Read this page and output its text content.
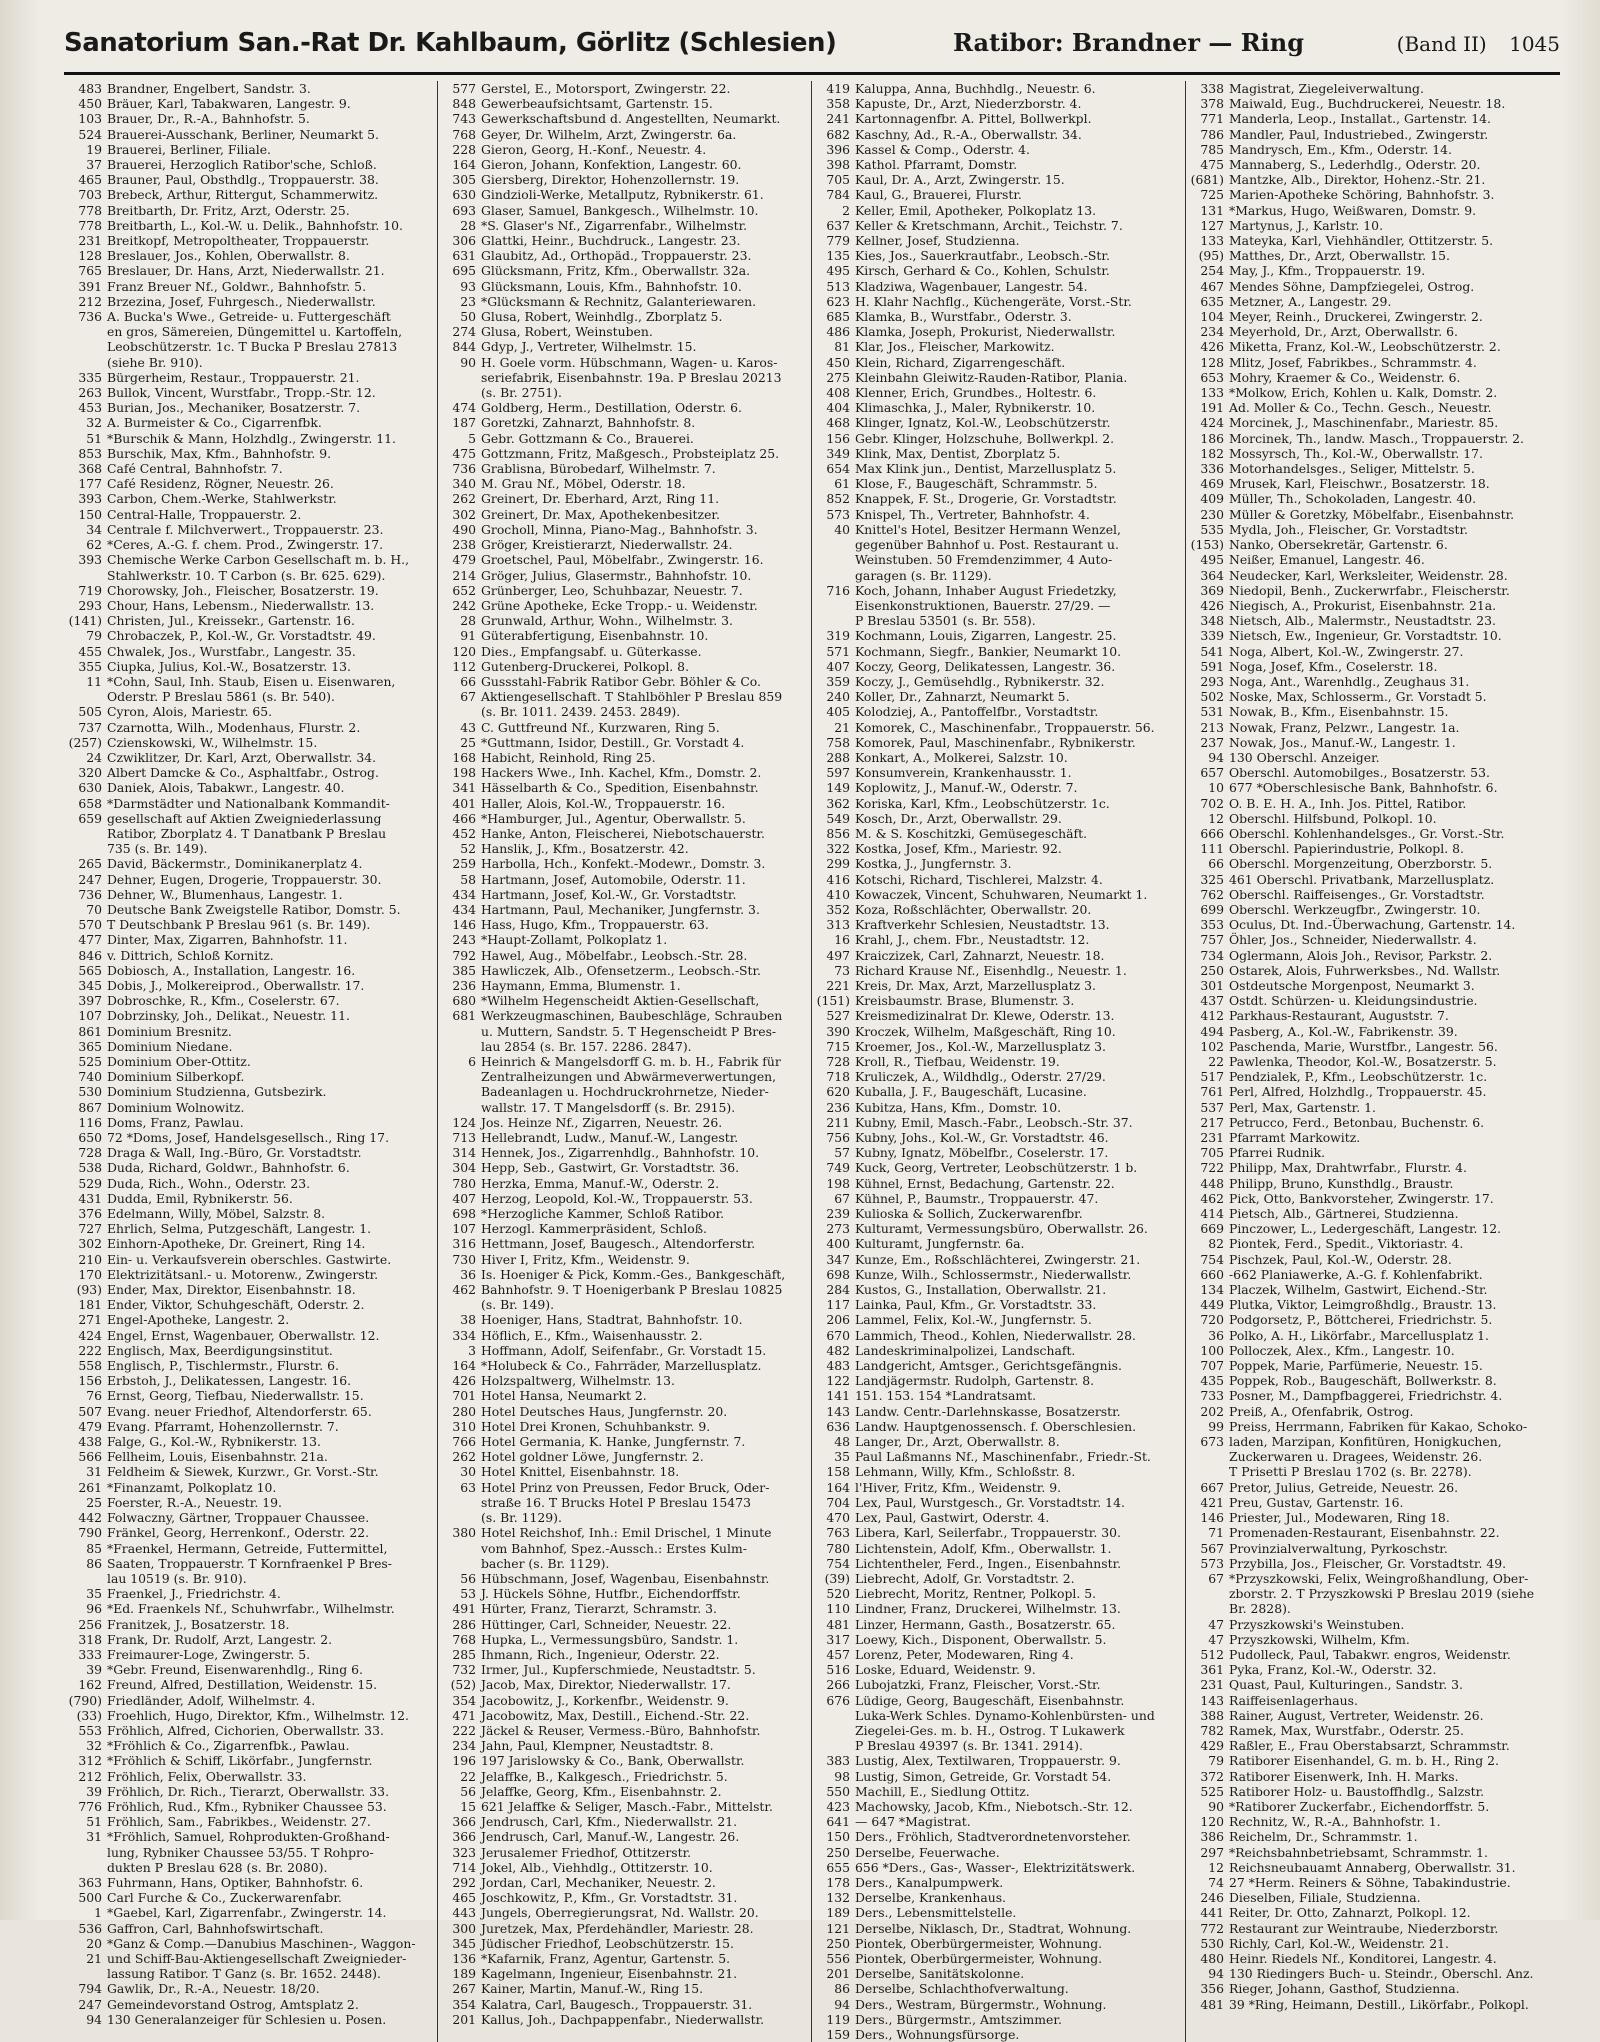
Sanatorium San.-Rat Dr. Kahlbaum, Görlitz (Schlesien)	Ratibor: Brandner — Ring	(Band II) 1045
483 Brandner, Engelbert, Sandstr. 3.
450 Bräuer, Karl, Tabakwaren, Langestr. 9.
103 Brauer, Dr., R.-A., Bahnhofstr. 5.
524 Brauerei-Ausschank, Berliner, Neumarkt 5.
19 Brauerei, Berliner, Filiale.
37 Brauerei, Herzoglich Ratibor'sche, Schloß.
465 Brauner, Paul, Obsthdlg., Troppauerstr. 38.
703 Brebeck, Arthur, Rittergut, Schammerwitz.
778 Breitbarth, Dr. Fritz, Arzt, Oderstr. 25.
778 Breitbarth, L., Kol.-W. u. Delik., Bahnhofstr. 10.
231 Breitkopf, Metropoltheater, Troppauerstr.
128 Breslauer, Jos., Kohlen, Oberwallstr. 8.
765 Breslauer, Dr. Hans, Arzt, Niederwallstr. 21.
391 Franz Breuer Nf., Goldwr., Bahnhofstr. 5.
212 Brzezina, Josef, Fuhrgesch., Niederwallstr.
736 A. Bucka's Wwe., Getreide- u. Futtergeschäft
en gros, Sämereien, Düngemittel u. Kartoffeln,
Leobschützerstr. 1c. T Bucka P Breslau 27813
(siehe Br. 910).
335 Bürgerheim, Restaur., Troppauerstr. 21.
263 Bullok, Vincent, Wurstfabr., Tropp.-Str. 12.
453 Burian, Jos., Mechaniker, Bosatzerstr. 7.
32 A. Burmeister & Co., Cigarrenfbk.
51 *Burschik & Mann, Holzhdlg., Zwingerstr. 11.
853 Burschik, Max, Kfm., Bahnhofstr. 9.
368 Café Central, Bahnhofstr. 7.
177 Café Residenz, Rögner, Neuestr. 26.
393 Carbon, Chem.-Werke, Stahlwerkstr.
150 Central-Halle, Troppauerstr. 2.
34 Centrale f. Milchverwert., Troppauerstr. 23.
62 *Ceres, A.-G. f. chem. Prod., Zwingerstr. 17.
393 Chemische Werke Carbon Gesellschaft m. b. H.,
Stahlwerkstr. 10. T Carbon (s. Br. 625. 629).
719 Chorowsky, Joh., Fleischer, Bosatzerstr. 19.
293 Chour, Hans, Lebensm., Niederwallstr. 13.
(141) Christen, Jul., Kreissekr., Gartenstr. 16.
79 Chrobaczek, P., Kol.-W., Gr. Vorstadtstr. 49.
455 Chwalek, Jos., Wurstfabr., Langestr. 35.
355 Ciupka, Julius, Kol.-W., Bosatzerstr. 13.
11 *Cohn, Saul, Inh. Staub, Eisen u. Eisenwaren,
Oderstr. P Breslau 5861 (s. Br. 540).
505 Cyron, Alois, Mariestr. 65.
737 Czarnotta, Wilh., Modenhaus, Flurstr. 2.
(257) Czienskowski, W., Wilhelmstr. 15.
24 Czwiklitzer, Dr. Karl, Arzt, Oberwallstr. 34.
320 Albert Damcke & Co., Asphaltfabr., Ostrog.
630 Daniek, Alois, Tabakwr., Langestr. 40.
658 *Darmstädter und Nationalbank Kommandit-
659 gesellschaft auf Aktien Zweigniederlassung
Ratibor, Zborplatz 4. T Danatbank P Breslau
735 (s. Br. 149).
265 David, Bäckermstr., Dominikanerplatz 4.
247 Dehner, Eugen, Drogerie, Troppauerstr. 30.
736 Dehner, W., Blumenhaus, Langestr. 1.
70 Deutsche Bank Zweigstelle Ratibor, Domstr. 5.
570 T Deutschbank P Breslau 961 (s. Br. 149).
477 Dinter, Max, Zigarren, Bahnhofstr. 11.
846 v. Dittrich, Schloß Kornitz.
565 Dobiosch, A., Installation, Langestr. 16.
345 Dobis, J., Molkereiprod., Oberwallstr. 17.
397 Dobroschke, R., Kfm., Coselerstr. 67.
107 Dobrzinsky, Joh., Delikat., Neuestr. 11.
861 Dominium Bresnitz.
365 Dominium Niedane.
525 Dominium Ober-Ottitz.
740 Dominium Silberkopf.
530 Dominium Studzienna, Gutsbezirk.
867 Dominium Wolnowitz.
116 Doms, Franz, Pawlau.
650 72 *Doms, Josef, Handelsgesellsch., Ring 17.
728 Draga & Wall, Ing.-Büro, Gr. Vorstadtstr.
538 Duda, Richard, Goldwr., Bahnhofstr. 6.
529 Duda, Rich., Wohn., Oderstr. 23.
431 Dudda, Emil, Rybnikerstr. 56.
376 Edelmann, Willy, Möbel, Salzstr. 8.
727 Ehrlich, Selma, Putzgeschäft, Langestr. 1.
302 Einhorn-Apotheke, Dr. Greinert, Ring 14.
210 Ein- u. Verkaufsverein oberschles. Gastwirte.
170 Elektrizitätsanl.- u. Motorenw., Zwingerstr.
(93) Ender, Max, Direktor, Eisenbahnstr. 18.
181 Ender, Viktor, Schuhgeschäft, Oderstr. 2.
271 Engel-Apotheke, Langestr. 2.
424 Engel, Ernst, Wagenbauer, Oberwallstr. 12.
222 Englisch, Max, Beerdigungsinstitut.
558 Englisch, P., Tischlermstr., Flurstr. 6.
156 Erbstoh, J., Delikatessen, Langestr. 16.
76 Ernst, Georg, Tiefbau, Niederwallstr. 15.
507 Evang. neuer Friedhof, Altendorferstr. 65.
479 Evang. Pfarramt, Hohenzollernstr. 7.
438 Falge, G., Kol.-W., Rybnikerstr. 13.
566 Fellheim, Louis, Eisenbahnstr. 21a.
31 Feldheim & Siewek, Kurzwr., Gr. Vorst.-Str.
261 *Finanzamt, Polkoplatz 10.
25 Foerster, R.-A., Neuestr. 19.
442 Folwaczny, Gärtner, Troppauer Chaussee.
790 Fränkel, Georg, Herrenkonf., Oderstr. 22.
85 *Fraenkel, Hermann, Getreide, Futtermittel,
86 Saaten, Troppauerstr. T Kornfraenkel P Bres-
lau 10519 (s. Br. 910).
35 Fraenkel, J., Friedrichstr. 4.
96 *Ed. Fraenkels Nf., Schuhwrfabr., Wilhelmstr.
256 Franitzek, J., Bosatzerstr. 18.
318 Frank, Dr. Rudolf, Arzt, Langestr. 2.
333 Freimaurer-Loge, Zwingerstr. 5.
39 *Gebr. Freund, Eisenwarenhdlg., Ring 6.
162 Freund, Alfred, Destillation, Weidenstr. 15.
(790) Friedländer, Adolf, Wilhelmstr. 4.
(33) Froehlich, Hugo, Direktor, Kfm., Wilhelmstr. 12.
553 Fröhlich, Alfred, Cichorien, Oberwallstr. 33.
32 *Fröhlich & Co., Zigarrenfbk., Pawlau.
312 *Fröhlich & Schiff, Likörfabr., Jungfernstr.
212 Fröhlich, Felix, Oberwallstr. 33.
39 Fröhlich, Dr. Rich., Tierarzt, Oberwallstr. 33.
776 Fröhlich, Rud., Kfm., Rybniker Chaussee 53.
51 Fröhlich, Sam., Fabrikbes., Weidenstr. 27.
31 *Fröhlich, Samuel, Rohprodukten-Großhand-
lung, Rybniker Chaussee 53/55. T Rohpro-
dukten P Breslau 628 (s. Br. 2080).
363 Fuhrmann, Hans, Optiker, Bahnhofstr. 6.
500 Carl Furche & Co., Zuckerwarenfabr.
1 *Gaebel, Karl, Zigarrenfabr., Zwingerstr. 14.
536 Gaffron, Carl, Bahnhofswirtschaft.
20 *Ganz & Comp.—Danubius Maschinen-, Waggon-
21 und Schiff-Bau-Aktiengesellschaft Zweignieder-
lassung Ratibor. T Ganz (s. Br. 1652. 2448).
794 Gawlik, Dr., R.-A., Neuestr. 18/20.
247 Gemeindevorstand Ostrog, Amtsplatz 2.
94 130 Generalanzeiger für Schlesien u. Posen.
577 Gerstel, E., Motorsport, Zwingerstr. 22.
848 Gewerbeaufsichtsamt, Gartenstr. 15.
743 Gewerkschaftsbund d. Angestellten, Neumarkt.
768 Geyer, Dr. Wilhelm, Arzt, Zwingerstr. 6a.
228 Gieron, Georg, H.-Konf., Neuestr. 4.
164 Gieron, Johann, Konfektion, Langestr. 60.
305 Giersberg, Direktor, Hohenzollernstr. 19.
630 Gindzioli-Werke, Metallputz, Rybnikerstr. 61.
693 Glaser, Samuel, Bankgesch., Wilhelmstr. 10.
28 *S. Glaser's Nf., Zigarrenfabr., Wilhelmstr.
306 Glattki, Heinr., Buchdruck., Langestr. 23.
631 Glaubitz, Ad., Orthopäd., Troppauerstr. 23.
695 Glücksmann, Fritz, Kfm., Oberwallstr. 32a.
93 Glücksmann, Louis, Kfm., Bahnhofstr. 10.
23 *Glücksmann & Rechnitz, Galanteriewaren.
50 Glusa, Robert, Weinhdlg., Zborplatz 5.
274 Glusa, Robert, Weinstuben.
844 Gdyp, J., Vertreter, Wilhelmstr. 15.
90 H. Goele vorm. Hübschmann, Wagen- u. Karos-
seriefabrik, Eisenbahnstr. 19a. P Breslau 20213
(s. Br. 2751).
474 Goldberg, Herm., Destillation, Oderstr. 6.
187 Goretzki, Zahnarzt, Bahnhofstr. 8.
5 Gebr. Gottzmann & Co., Brauerei.
475 Gottzmann, Fritz, Maßgesch., Probsteiplatz 25.
736 Grablisna, Bürobedarf, Wilhelmstr. 7.
340 M. Grau Nf., Möbel, Oderstr. 18.
262 Greinert, Dr. Eberhard, Arzt, Ring 11.
302 Greinert, Dr. Max, Apothekenbesitzer.
490 Grocholl, Minna, Piano-Mag., Bahnhofstr. 3.
238 Gröger, Kreistierarzt, Niederwallstr. 24.
479 Groetschel, Paul, Möbelfabr., Zwingerstr. 16.
214 Gröger, Julius, Glasermstr., Bahnhofstr. 10.
652 Grünberger, Leo, Schuhbazar, Neuestr. 7.
242 Grüne Apotheke, Ecke Tropp.- u. Weidenstr.
28 Grunwald, Arthur, Wohn., Wilhelmstr. 3.
91 Güterabfertigung, Eisenbahnstr. 10.
120 Dies., Empfangsabf. u. Güterkasse.
112 Gutenberg-Druckerei, Polkopl. 8.
66 Gussstahl-Fabrik Ratibor Gebr. Böhler & Co.
67 Aktiengesellschaft. T Stahlböhler P Breslau 859
(s. Br. 1011. 2439. 2453. 2849).
43 C. Guttfreund Nf., Kurzwaren, Ring 5.
25 *Guttmann, Isidor, Destill., Gr. Vorstadt 4.
168 Habicht, Reinhold, Ring 25.
198 Hackers Wwe., Inh. Kachel, Kfm., Domstr. 2.
341 Hässelbarth & Co., Spedition, Eisenbahnstr.
401 Haller, Alois, Kol.-W., Troppauerstr. 16.
466 *Hamburger, Jul., Agentur, Oberwallstr. 5.
452 Hanke, Anton, Fleischerei, Niebotschauerstr.
52 Hanslik, J., Kfm., Bosatzerstr. 42.
259 Harbolla, Hch., Konfekt.-Modewr., Domstr. 3.
58 Hartmann, Josef, Automobile, Oderstr. 11.
434 Hartmann, Josef, Kol.-W., Gr. Vorstadtstr.
434 Hartmann, Paul, Mechaniker, Jungfernstr. 3.
146 Hass, Hugo, Kfm., Troppauerstr. 63.
243 *Haupt-Zollamt, Polkoplatz 1.
792 Hawel, Aug., Möbelfabr., Leobsch.-Str. 28.
385 Hawliczek, Alb., Ofensetzerm., Leobsch.-Str.
236 Haymann, Emma, Blumenstr. 1.
680 *Wilhelm Hegenscheidt Aktien-Gesellschaft,
681 Werkzeugmaschinen, Baubeschläge, Schrauben
u. Muttern, Sandstr. 5. T Hegenscheidt P Bres-
lau 2854 (s. Br. 157. 2286. 2847).
6 Heinrich & Mangelsdorff G. m. b. H., Fabrik für
Zentralheizungen und Abwärmeverwertungen,
Badeanlagen u. Hochdruckrohrnetze, Nieder-
wallstr. 17. T Mangelsdorff (s. Br. 2915).
124 Jos. Heinze Nf., Zigarren, Neuestr. 26.
713 Hellebrandt, Ludw., Manuf.-W., Langestr.
314 Hennek, Jos., Zigarrenhdlg., Bahnhofstr. 10.
304 Hepp, Seb., Gastwirt, Gr. Vorstadtstr. 36.
780 Herzka, Emma, Manuf.-W., Oderstr. 2.
407 Herzog, Leopold, Kol.-W., Troppauerstr. 53.
698 *Herzogliche Kammer, Schloß Ratibor.
107 Herzogl. Kammerpräsident, Schloß.
316 Hettmann, Josef, Baugesch., Altendorferstr.
730 Hiver I, Fritz, Kfm., Weidenstr. 9.
36 Is. Hoeniger & Pick, Komm.-Ges., Bankgeschäft,
462 Bahnhofstr. 9. T Hoenigerbank P Breslau 10825
(s. Br. 149).
38 Hoeniger, Hans, Stadtrat, Bahnhofstr. 10.
334 Höflich, E., Kfm., Waisenhausstr. 2.
3 Hoffmann, Adolf, Seifenfabr., Gr. Vorstadt 15.
164 *Holubeck & Co., Fahrräder, Marzellusplatz.
426 Holzspaltwerg, Wilhelmstr. 13.
701 Hotel Hansa, Neumarkt 2.
280 Hotel Deutsches Haus, Jungfernstr. 20.
310 Hotel Drei Kronen, Schuhbankstr. 9.
766 Hotel Germania, K. Hanke, Jungfernstr. 7.
262 Hotel goldner Löwe, Jungfernstr. 2.
30 Hotel Knittel, Eisenbahnstr. 18.
63 Hotel Prinz von Preussen, Fedor Bruck, Oder-
straße 16. T Brucks Hotel P Breslau 15473
(s. Br. 1129).
380 Hotel Reichshof, Inh.: Emil Drischel, 1 Minute
vom Bahnhof, Spez.-Aussch.: Erstes Kulm-
bacher (s. Br. 1129).
56 Hübschmann, Josef, Wagenbau, Eisenbahnstr.
53 J. Hückels Söhne, Hutfbr., Eichendorffstr.
491 Hürter, Franz, Tierarzt, Schramstr. 3.
286 Hüttinger, Carl, Schneider, Neuestr. 22.
768 Hupka, L., Vermessungsbüro, Sandstr. 1.
285 Ihmann, Rich., Ingenieur, Oderstr. 22.
732 Irmer, Jul., Kupferschmiede, Neustadtstr. 5.
(52) Jacob, Max, Direktor, Niederwallstr. 17.
354 Jacobowitz, J., Korkenfbr., Weidenstr. 9.
471 Jacobowitz, Max, Destill., Eichend.-Str. 22.
222 Jäckel & Reuser, Vermess.-Büro, Bahnhofstr.
234 Jahn, Paul, Klempner, Neustadtstr. 8.
196 197 Jarislowsky & Co., Bank, Oberwallstr.
22 Jelaffke, B., Kalkgesch., Friedrichstr. 5.
56 Jelaffke, Georg, Kfm., Eisenbahnstr. 2.
15 621 Jelaffke & Seliger, Masch.-Fabr., Mittelstr.
366 Jendrusch, Carl, Kfm., Niederwallstr. 21.
366 Jendrusch, Carl, Manuf.-W., Langestr. 26.
323 Jerusalemer Friedhof, Ottitzerstr.
714 Jokel, Alb., Viehhdlg., Ottitzerstr. 10.
292 Jordan, Carl, Mechaniker, Neuestr. 2.
465 Joschkowitz, P., Kfm., Gr. Vorstadtstr. 31.
443 Jungels, Oberregierungsrat, Nd. Wallstr. 20.
300 Juretzek, Max, Pferdehändler, Mariestr. 28.
345 Jüdischer Friedhof, Leobschützerstr. 15.
136 *Kafarnik, Franz, Agentur, Gartenstr. 5.
189 Kagelmann, Ingenieur, Eisenbahnstr. 21.
267 Kainer, Martin, Manuf.-W., Ring 15.
354 Kalatra, Carl, Baugesch., Troppauerstr. 31.
201 Kallus, Joh., Dachpappenfabr., Niederwallstr.
419 Kaluppa, Anna, Buchhdlg., Neuestr. 6.
358 Kapuste, Dr., Arzt, Niederzborstr. 4.
241 Kartonnagenfbr. A. Pittel, Bollwerkpl.
682 Kaschny, Ad., R.-A., Oberwallstr. 34.
396 Kassel & Comp., Oderstr. 4.
398 Kathol. Pfarramt, Domstr.
705 Kaul, Dr. A., Arzt, Zwingerstr. 15.
784 Kaul, G., Brauerei, Flurstr.
2 Keller, Emil, Apotheker, Polkoplatz 13.
637 Keller & Kretschmann, Archit., Teichstr. 7.
779 Kellner, Josef, Studzienna.
135 Kies, Jos., Sauerkrautfabr., Leobsch.-Str.
495 Kirsch, Gerhard & Co., Kohlen, Schulstr.
513 Kladziwa, Wagenbauer, Langestr. 54.
623 H. Klahr Nachflg., Küchengeräte, Vorst.-Str.
685 Klamka, B., Wurstfabr., Oderstr. 3.
486 Klamka, Joseph, Prokurist, Niederwallstr.
81 Klar, Jos., Fleischer, Markowitz.
450 Klein, Richard, Zigarrengeschäft.
275 Kleinbahn Gleiwitz-Rauden-Ratibor, Plania.
408 Klenner, Erich, Grundbes., Holtestr. 6.
404 Klimaschka, J., Maler, Rybnikerstr. 10.
468 Klinger, Ignatz, Kol.-W., Leobschützerstr.
156 Gebr. Klinger, Holzschuhe, Bollwerkpl. 2.
349 Klink, Max, Dentist, Zborplatz 5.
654 Max Klink jun., Dentist, Marzellusplatz 5.
61 Klose, F., Baugeschäft, Schrammstr. 5.
852 Knappek, F. St., Drogerie, Gr. Vorstadtstr.
573 Knispel, Th., Vertreter, Bahnhofstr. 4.
40 Knittel's Hotel, Besitzer Hermann Wenzel,
gegenüber Bahnhof u. Post. Restaurant u.
Weinstuben. 50 Fremdenzimmer, 4 Auto-
garagen (s. Br. 1129).
716 Koch, Johann, Inhaber August Friedetzky,
Eisenkonstruktionen, Bauerstr. 27/29. —
P Breslau 53501 (s. Br. 558).
319 Kochmann, Louis, Zigarren, Langestr. 25.
571 Kochmann, Siegfr., Bankier, Neumarkt 10.
407 Koczy, Georg, Delikatessen, Langestr. 36.
359 Koczy, J., Gemüsehdlg., Rybnikerstr. 32.
240 Koller, Dr., Zahnarzt, Neumarkt 5.
405 Kolodziej, A., Pantoffelfbr., Vorstadtstr.
21 Komorek, C., Maschinenfabr., Troppauerstr. 56.
758 Komorek, Paul, Maschinenfabr., Rybnikerstr.
288 Konkart, A., Molkerei, Salzstr. 10.
597 Konsumverein, Krankenhausstr. 1.
149 Koplowitz, J., Manuf.-W., Oderstr. 7.
362 Koriska, Karl, Kfm., Leobschützerstr. 1c.
549 Kosch, Dr., Arzt, Oberwallstr. 29.
856 M. & S. Koschitzki, Gemüsegeschäft.
322 Kostka, Josef, Kfm., Mariestr. 92.
299 Kostka, J., Jungfernstr. 3.
416 Kotschi, Richard, Tischlerei, Malzstr. 4.
410 Kowaczek, Vincent, Schuhwaren, Neumarkt 1.
352 Koza, Roßschlächter, Oberwallstr. 20.
313 Kraftverkehr Schlesien, Neustadtstr. 13.
16 Krahl, J., chem. Fbr., Neustadtstr. 12.
497 Kraiczizek, Carl, Zahnarzt, Neuestr. 18.
73 Richard Krause Nf., Eisenhdlg., Neuestr. 1.
221 Kreis, Dr. Max, Arzt, Marzellusplatz 3.
(151) Kreisbaumstr. Brase, Blumenstr. 3.
527 Kreismedizinalrat Dr. Klewe, Oderstr. 13.
390 Kroczek, Wilhelm, Maßgeschäft, Ring 10.
715 Kroemer, Jos., Kol.-W., Marzellusplatz 3.
728 Kroll, R., Tiefbau, Weidenstr. 19.
718 Kruliczek, A., Wildhdlg., Oderstr. 27/29.
620 Kuballa, J. F., Baugeschäft, Lucasine.
236 Kubitza, Hans, Kfm., Domstr. 10.
211 Kubny, Emil, Masch.-Fabr., Leobsch.-Str. 37.
756 Kubny, Johs., Kol.-W., Gr. Vorstadtstr. 46.
57 Kubny, Ignatz, Möbelfbr., Coselerstr. 17.
749 Kuck, Georg, Vertreter, Leobschützerstr. 1 b.
198 Kühnel, Ernst, Bedachung, Gartenstr. 22.
67 Kühnel, P., Baumstr., Troppauerstr. 47.
239 Kulioska & Sollich, Zuckerwarenfbr.
273 Kulturamt, Vermessungsbüro, Oberwallstr. 26.
400 Kulturamt, Jungfernstr. 6a.
347 Kunze, Em., Roßschlächterei, Zwingerstr. 21.
698 Kunze, Wilh., Schlossermstr., Niederwallstr.
284 Kustos, G., Installation, Oberwallstr. 21.
117 Lainka, Paul, Kfm., Gr. Vorstadtstr. 33.
206 Lammel, Felix, Kol.-W., Jungfernstr. 5.
670 Lammich, Theod., Kohlen, Niederwallstr. 28.
482 Landeskriminalpolizei, Landschaft.
483 Landgericht, Amtsger., Gerichtsgefängnis.
122 Landjägermstr. Rudolph, Gartenstr. 8.
141 151. 153. 154 *Landratsamt.
143 Landw. Centr.-Darlehnskasse, Bosatzerstr.
636 Landw. Hauptgenossensch. f. Oberschlesien.
48 Langer, Dr., Arzt, Oberwallstr. 8.
35 Paul Laßmanns Nf., Maschinenfabr., Friedr.-St.
158 Lehmann, Willy, Kfm., Schloßstr. 8.
164 l'Hiver, Fritz, Kfm., Weidenstr. 9.
704 Lex, Paul, Wurstgesch., Gr. Vorstadtstr. 14.
470 Lex, Paul, Gastwirt, Oderstr. 4.
763 Libera, Karl, Seilerfabr., Troppauerstr. 30.
780 Lichtenstein, Adolf, Kfm., Oberwallstr. 1.
754 Lichtentheler, Ferd., Ingen., Eisenbahnstr.
(39) Liebrecht, Adolf, Gr. Vorstadtstr. 2.
520 Liebrecht, Moritz, Rentner, Polkopl. 5.
110 Lindner, Franz, Druckerei, Wilhelmstr. 13.
481 Linzer, Hermann, Gasth., Bosatzerstr. 65.
317 Loewy, Kich., Disponent, Oberwallstr. 5.
457 Lorenz, Peter, Modewaren, Ring 4.
516 Loske, Eduard, Weidenstr. 9.
266 Lubojatzki, Franz, Fleischer, Vorst.-Str.
676 Lüdige, Georg, Baugeschäft, Eisenbahnstr.
Luka-Werk Schles. Dynamo-Kohlenbürsten- und
Ziegelei-Ges. m. b. H., Ostrog. T Lukawerk
P Breslau 49397 (s. Br. 1341. 2914).
383 Lustig, Alex, Textilwaren, Troppauerstr. 9.
98 Lustig, Simon, Getreide, Gr. Vorstadt 54.
550 Machill, E., Siedlung Ottitz.
423 Machowsky, Jacob, Kfm., Niebotsch.-Str. 12.
641 — 647 *Magistrat.
150 Ders., Fröhlich, Stadtverordnetenvorsteher.
250 Derselbe, Feuerwache.
655 656 *Ders., Gas-, Wasser-, Elektrizitätswerk.
178 Ders., Kanalpumpwerk.
132 Derselbe, Krankenhaus.
189 Ders., Lebensmittelstelle.
121 Derselbe, Niklasch, Dr., Stadtrat, Wohnung.
250 Piontek, Oberbürgermeister, Wohnung.
556 Piontek, Oberbürgermeister, Wohnung.
201 Derselbe, Sanitätskolonne.
86 Derselbe, Schlachthofverwaltung.
94 Ders., Westram, Bürgermstr., Wohnung.
119 Ders., Bürgermstr., Amtszimmer.
159 Ders., Wohnungsfürsorge.
338 Magistrat, Ziegeleiverwaltung.
378 Maiwald, Eug., Buchdruckerei, Neuestr. 18.
771 Manderla, Leop., Installat., Gartenstr. 14.
786 Mandler, Paul, Industriebed., Zwingerstr.
785 Mandrysch, Em., Kfm., Oderstr. 14.
475 Mannaberg, S., Lederhdlg., Oderstr. 20.
(681) Mantzke, Alb., Direktor, Hohenz.-Str. 21.
725 Marien-Apotheke Schöring, Bahnhofstr. 3.
131 *Markus, Hugo, Weißwaren, Domstr. 9.
127 Martynus, J., Karlstr. 10.
133 Mateyka, Karl, Viehhändler, Ottitzerstr. 5.
(95) Matthes, Dr., Arzt, Oberwallstr. 15.
254 May, J., Kfm., Troppauerstr. 19.
467 Mendes Söhne, Dampfziegelei, Ostrog.
635 Metzner, A., Langestr. 29.
104 Meyer, Reinh., Druckerei, Zwingerstr. 2.
234 Meyerhold, Dr., Arzt, Oberwallstr. 6.
426 Miketta, Franz, Kol.-W., Leobschützerstr. 2.
128 Mlitz, Josef, Fabrikbes., Schrammstr. 4.
653 Mohry, Kraemer & Co., Weidenstr. 6.
133 *Molkow, Erich, Kohlen u. Kalk, Domstr. 2.
191 Ad. Moller & Co., Techn. Gesch., Neuestr.
424 Morcinek, J., Maschinenfabr., Mariestr. 85.
186 Morcinek, Th., landw. Masch., Troppauerstr. 2.
182 Mossyrsch, Th., Kol.-W., Oberwallstr. 17.
336 Motorhandelsges., Seliger, Mittelstr. 5.
469 Mrusek, Karl, Fleischwr., Bosatzerstr. 18.
409 Müller, Th., Schokoladen, Langestr. 40.
230 Müller & Goretzky, Möbelfabr., Eisenbahnstr.
535 Mydla, Joh., Fleischer, Gr. Vorstadtstr.
(153) Nanko, Obersekretär, Gartenstr. 6.
495 Neißer, Emanuel, Langestr. 46.
364 Neudecker, Karl, Werksleiter, Weidenstr. 28.
369 Niedopil, Benh., Zuckerwrfabr., Fleischerstr.
426 Niegisch, A., Prokurist, Eisenbahnstr. 21a.
348 Nietsch, Alb., Malermstr., Neustadtstr. 23.
339 Nietsch, Ew., Ingenieur, Gr. Vorstadtstr. 10.
541 Noga, Albert, Kol.-W., Zwingerstr. 27.
591 Noga, Josef, Kfm., Coselerstr. 18.
293 Noga, Ant., Warenhdlg., Zeughaus 31.
502 Noske, Max, Schlosserm., Gr. Vorstadt 5.
531 Nowak, B., Kfm., Eisenbahnstr. 15.
213 Nowak, Franz, Pelzwr., Langestr. 1a.
237 Nowak, Jos., Manuf.-W., Langestr. 1.
94 130 Oberschl. Anzeiger.
657 Oberschl. Automobilges., Bosatzerstr. 53.
10 677 *Oberschlesische Bank, Bahnhofstr. 6.
702 O. B. E. H. A., Inh. Jos. Pittel, Ratibor.
12 Oberschl. Hilfsbund, Polkopl. 10.
666 Oberschl. Kohlenhandelsges., Gr. Vorst.-Str.
111 Oberschl. Papierindustrie, Polkopl. 8.
66 Oberschl. Morgenzeitung, Oberzborstr. 5.
325 461 Oberschl. Privatbank, Marzellusplatz.
762 Oberschl. Raiffeisenges., Gr. Vorstadtstr.
699 Oberschl. Werkzeugfbr., Zwingerstr. 10.
353 Oculus, Dt. Ind.-Überwachung, Gartenstr. 14.
757 Öhler, Jos., Schneider, Niederwallstr. 4.
734 Oglermann, Alois Joh., Revisor, Parkstr. 2.
250 Ostarek, Alois, Fuhrwerksbes., Nd. Wallstr.
301 Ostdeutsche Morgenpost, Neumarkt 3.
437 Ostdt. Schürzen- u. Kleidungsindustrie.
412 Parkhaus-Restaurant, Auguststr. 7.
494 Pasberg, A., Kol.-W., Fabrikenstr. 39.
102 Paschenda, Marie, Wurstfbr., Langestr. 56.
22 Pawlenka, Theodor, Kol.-W., Bosatzerstr. 5.
517 Pendzialek, P., Kfm., Leobschützerstr. 1c.
761 Perl, Alfred, Holzhdlg., Troppauerstr. 45.
537 Perl, Max, Gartenstr. 1.
217 Petrucco, Ferd., Betonbau, Buchenstr. 6.
231 Pfarramt Markowitz.
705 Pfarrei Rudnik.
722 Philipp, Max, Drahtwrfabr., Flurstr. 4.
448 Philipp, Bruno, Kunsthdlg., Braustr.
462 Pick, Otto, Bankvorsteher, Zwingerstr. 17.
414 Pietsch, Alb., Gärtnerei, Studzienna.
669 Pinczower, L., Ledergeschäft, Langestr. 12.
82 Piontek, Ferd., Spedit., Viktoriastr. 4.
754 Pischzek, Paul, Kol.-W., Oderstr. 28.
660 -662 Planiawerke, A.-G. f. Kohlenfabrikt.
134 Placzek, Wilhelm, Gastwirt, Eichend.-Str.
449 Plutka, Viktor, Leimgroßhdlg., Braustr. 13.
720 Podgorsetz, P., Böttcherei, Friedrichstr. 5.
36 Polko, A. H., Likörfabr., Marcellusplatz 1.
100 Polloczek, Alex., Kfm., Langestr. 10.
707 Poppek, Marie, Parfümerie, Neuestr. 15.
435 Poppek, Rob., Baugeschäft, Bollwerkstr. 8.
733 Posner, M., Dampfbaggerei, Friedrichstr. 4.
202 Preiß, A., Ofenfabrik, Ostrog.
99 Preiss, Herrmann, Fabriken für Kakao, Schoko-
673 laden, Marzipan, Konfitüren, Honigkuchen,
Zuckerwaren u. Dragees, Weidenstr. 26.
T Prisetti P Breslau 1702 (s. Br. 2278).
667 Pretor, Julius, Getreide, Neuestr. 26.
421 Preu, Gustav, Gartenstr. 16.
146 Priester, Jul., Modewaren, Ring 18.
71 Promenaden-Restaurant, Eisenbahnstr. 22.
567 Provinzialverwaltung, Pyrkoschstr.
573 Przybilla, Jos., Fleischer, Gr. Vorstadtstr. 49.
67 *Przyszkowski, Felix, Weingroßhandlung, Ober-
zborstr. 2. T Przyszkowski P Breslau 2019 (siehe
Br. 2828).
47 Przyszkowski's Weinstuben.
47 Przyszkowski, Wilhelm, Kfm.
512 Pudolleck, Paul, Tabakwr. engros, Weidenstr.
361 Pyka, Franz, Kol.-W., Oderstr. 32.
231 Quast, Paul, Kulturingen., Sandstr. 3.
143 Raiffeisenlagerhaus.
388 Rainer, August, Vertreter, Weidenstr. 26.
782 Ramek, Max, Wurstfabr., Oderstr. 25.
429 Raßler, E., Frau Oberstabsarzt, Schrammstr.
79 Ratiborer Eisenhandel, G. m. b. H., Ring 2.
372 Ratiborer Eisenwerk, Inh. H. Marks.
525 Ratiborer Holz- u. Baustoffhdlg., Salzstr.
90 *Ratiborer Zuckerfabr., Eichendorffstr. 5.
120 Rechnitz, W., R.-A., Bahnhofstr. 1.
386 Reichelm, Dr., Schrammstr. 1.
297 *Reichsbahnbetriebsamt, Schrammstr. 1.
12 Reichsneubauamt Annaberg, Oberwallstr. 31.
74 27 *Herm. Reiners & Söhne, Tabakindustrie.
246 Dieselben, Filiale, Studzienna.
441 Reiter, Dr. Otto, Zahnarzt, Polkopl. 12.
772 Restaurant zur Weintraube, Niederzborstr.
530 Richly, Carl, Kol.-W., Weidenstr. 21.
480 Heinr. Riedels Nf., Konditorei, Langestr. 4.
94 130 Riedingers Buch- u. Steindr., Oberschl. Anz.
356 Rieger, Johann, Gasthof, Studzienna.
481 39 *Ring, Heimann, Destill., Likörfabr., Polkopl.
